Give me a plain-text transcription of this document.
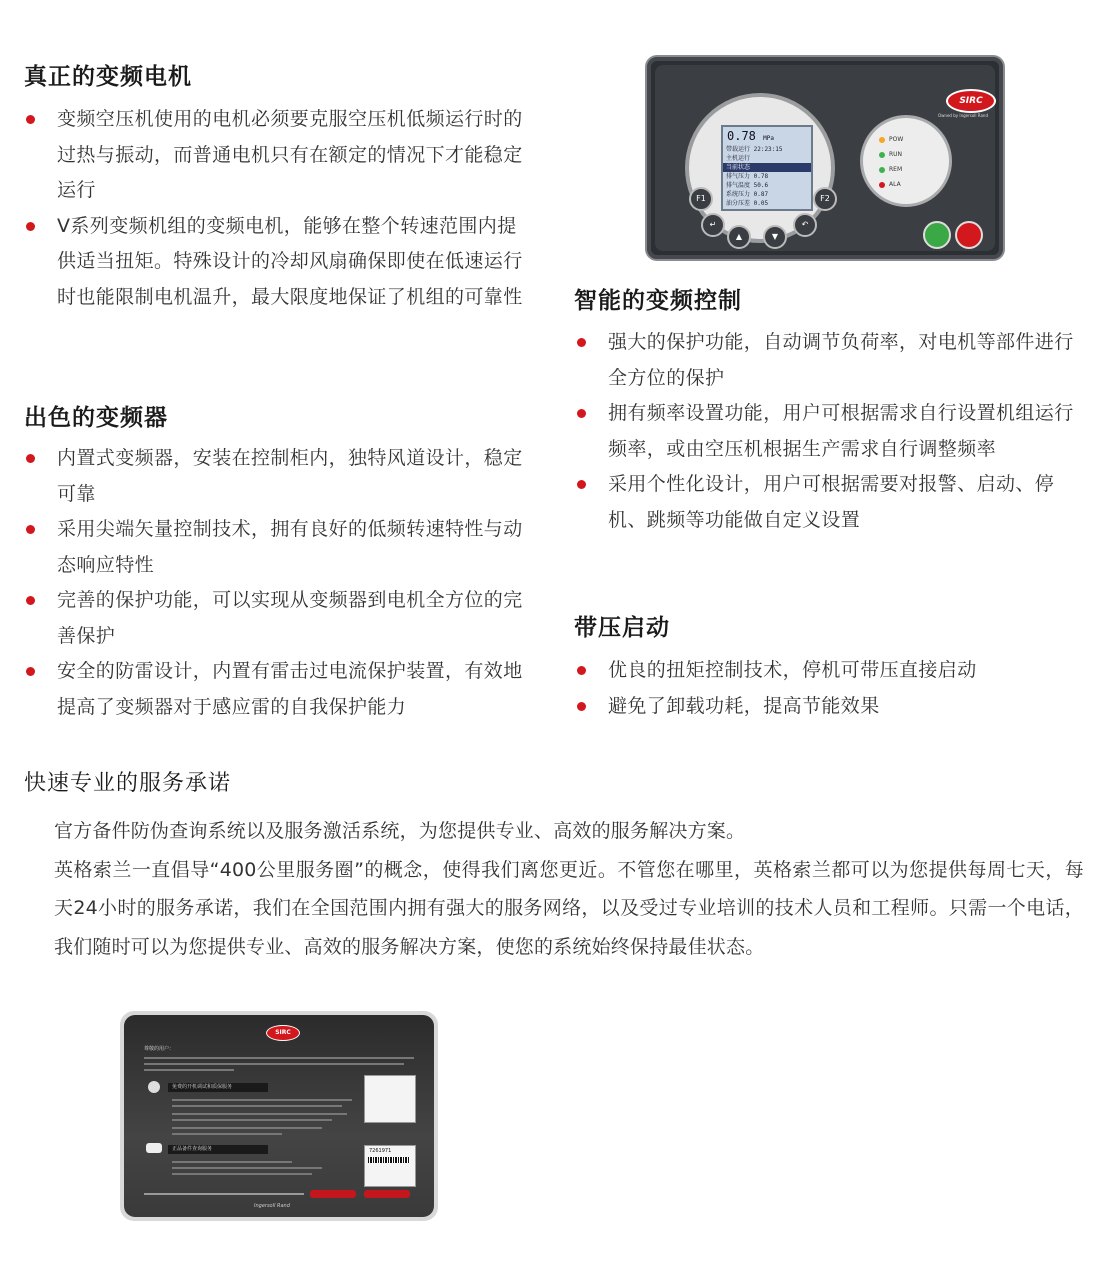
真正的变频电机
变频空压机使用的电机必须要克服空压机低频运行时的过热与振动，而普通电机只有在额定的情况下才能稳定运行
V系列变频机组的变频电机，能够在整个转速范围内提供适当扭矩。特殊设计的冷却风扇确保即使在低速运行时也能限制电机温升，最大限度地保证了机组的可靠性
出色的变频器
内置式变频器，安装在控制柜内，独特风道设计，稳定可靠
采用尖端矢量控制技术，拥有良好的低频转速特性与动态响应特性
完善的保护功能，可以实现从变频器到电机全方位的完善保护
安全的防雷设计，内置有雷击过电流保护装置，有效地提高了变频器对于感应雷的自我保护能力
智能的变频控制
强大的保护功能，自动调节负荷率，对电机等部件进行全方位的保护
拥有频率设置功能，用户可根据需求自行设置机组运行频率，或由空压机根据生产需求自行调整频率
采用个性化设计，用户可根据需要对报警、启动、停机、跳频等功能做自定义设置
带压启动
优良的扭矩控制技术，停机可带压直接启动
避免了卸载功耗，提高节能效果
0.78 MPa
带载运行 22:23:15
主机运行
当前状态
排气压力 0.78
排气温度 50.6
系统压力 0.87
油分压差 0.05
F1	F2
↵
▲	▼
↶
POW
RUN
REM
ALA
SIRC
Owned by Ingersoll Rand
快速专业的服务承诺

官方备件防伪查询系统以及服务激活系统，为您提供专业、高效的服务解决方案。

英格索兰一直倡导“400公里服务圈”的概念，使得我们离您更近。不管您在哪里，英格索兰都可以为您提供每周七天，每天24小时的服务承诺，我们在全国范围内拥有强大的服务网络，以及受过专业培训的技术人员和工程师。只需一个电话，我们随时可以为您提供专业、高效的服务解决方案，使您的系统始终保持最佳状态。

SIRC
尊敬的用户：
免费的开机调试和质保服务
正品备件查询服务	7261971
Ingersoll Rand
